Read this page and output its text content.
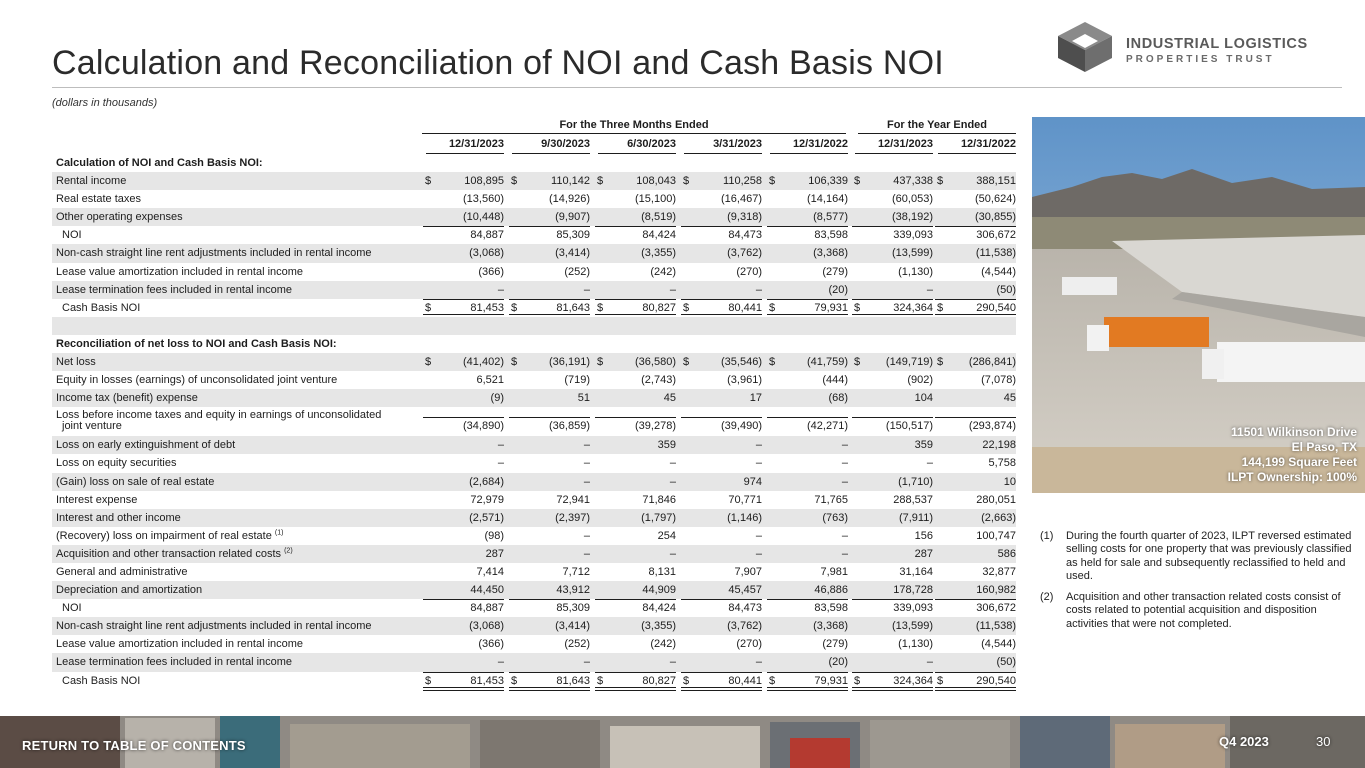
Calculation and Reconciliation of NOI and Cash Basis NOI
(dollars in thousands)
INDUSTRIAL LOGISTICS
PROPERTIES TRUST
For the Three Months Ended	For the Year Ended
12/31/2023	9/30/2023	6/30/2023	3/31/2023	12/31/2022	12/31/2023	12/31/2022
Calculation of NOI and Cash Basis NOI:
Rental income	$	108,895 $	110,142 $	108,043 $	110,258 $	106,339 $	437,338 $	388,151
Real estate taxes	(13,560)	(14,926)	(15,100)	(16,467)	(14,164)	(60,053)	(50,624)
Other operating expenses	(10,448)	(9,907)	(8,519)	(9,318)	(8,577)	(38,192)	(30,855)
NOI	84,887	85,309	84,424	84,473	83,598	339,093	306,672
Non-cash straight line rent adjustments included in rental income	(3,068)	(3,414)	(3,355)	(3,762)	(3,368)	(13,599)	(11,538)
Lease value amortization included in rental income	(366)	(252)	(242)	(270)	(279)	(1,130)	(4,544)
Lease termination fees included in rental income	–	–	–	–	(20)	–	(50)
Cash Basis NOI	$	81,453 $	81,643 $	80,827 $	80,441 $	79,931 $	324,364 $	290,540
Reconciliation of net loss to NOI and Cash Basis NOI:
Net loss	$	(41,402) $	(36,191) $	(36,580) $	(35,546) $	(41,759) $ (149,719) $ (286,841)
Equity in losses (earnings) of unconsolidated joint venture	6,521	(719)	(2,743)	(3,961)	(444)	(902)	(7,078)
Income tax (benefit) expense	(9)	51	45	17	(68)	104	45
Loss before income taxes and equity in earnings of unconsolidated
joint venture	(34,890)	(36,859)	(39,278)	(39,490)	(42,271)	(150,517)	(293,874)
Loss on early extinguishment of debt	–	–	359	–	–	359	22,198
Loss on equity securities	–	–	–	–	–	–	5,758
(Gain) loss on sale of real estate	(2,684)	–	–	974	–	(1,710)	10
Interest expense	72,979	72,941	71,846	70,771	71,765	288,537	280,051
Interest and other income	(2,571)	(2,397)	(1,797)	(1,146)	(763)	(7,911)	(2,663)
(Recovery) loss on impairment of real estate $^{(1)}$	(98)	–	254	–	–	156	100,747
Acquisition and other transaction related costs $^{(2)}$	287	–	–	–	–	287	586
General and administrative	7,414	7,712	8,131	7,907	7,981	31,164	32,877
Depreciation and amortization	44,450	43,912	44,909	45,457	46,886	178,728	160,982
NOI	84,887	85,309	84,424	84,473	83,598	339,093	306,672
Non-cash straight line rent adjustments included in rental income	(3,068)	(3,414)	(3,355)	(3,762)	(3,368)	(13,599)	(11,538)
Lease value amortization included in rental income	(366)	(252)	(242)	(270)	(279)	(1,130)	(4,544)
Lease termination fees included in rental income	–	–	–	–	(20)	–	(50)
Cash Basis NOI	$	81,453 $	81,643 $	80,827 $	80,441 $	79,931 $	324,364 $	290,540
11501 Wilkinson Drive
El Paso, TX
144,199 Square Feet
ILPT Ownership: 100%
(1) During the fourth quarter of 2023, ILPT reversed estimated selling costs for one property that was previously classified as held for sale and subsequently reclassified to held and used.
(2) Acquisition and other transaction related costs consist of costs related to potential acquisition and disposition activities that were not completed.
RETURN TO TABLE OF CONTENTS	Q4 2023	30
